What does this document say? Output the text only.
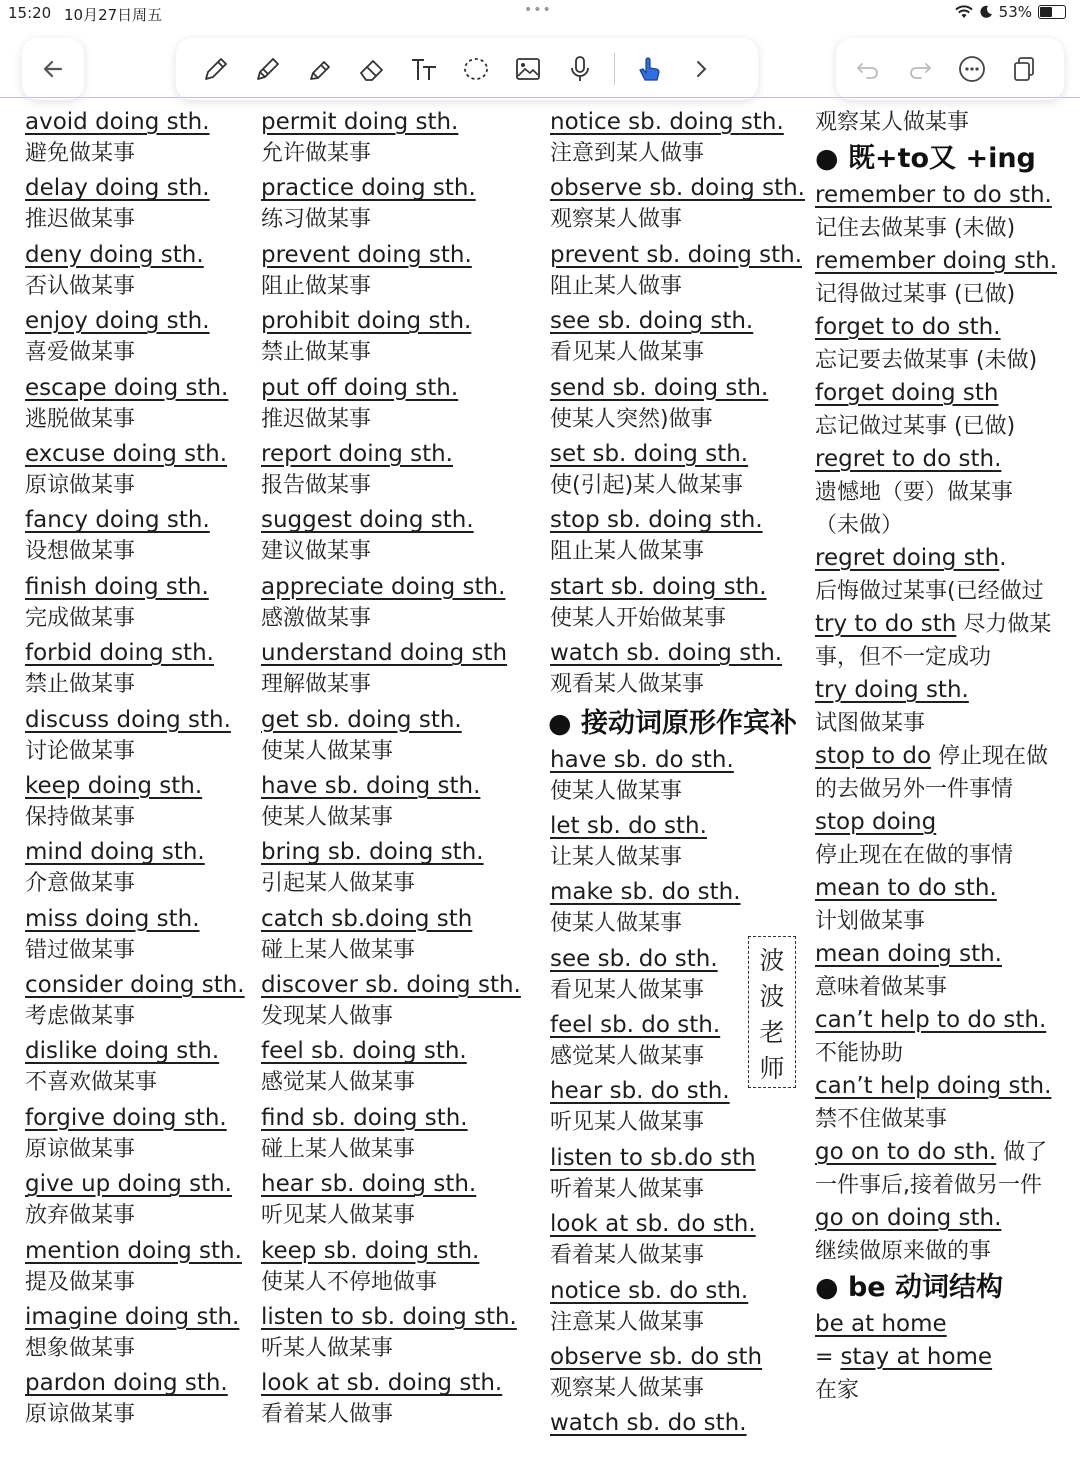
15:20 10月27日周五	•••	53%
avoid doing sth.
避免做某事
delay doing sth.
推迟做某事
deny doing sth.
否认做某事
enjoy doing sth.
喜爱做某事
escape doing sth.
逃脱做某事
excuse doing sth.
原谅做某事
fancy doing sth.
设想做某事
finish doing sth.
完成做某事
forbid doing sth.
禁止做某事
discuss doing sth.
讨论做某事
keep doing sth.
保持做某事
mind doing sth.
介意做某事
miss doing sth.
错过做某事
consider doing sth.
考虑做某事
dislike doing sth.
不喜欢做某事
forgive doing sth.
原谅做某事
give up doing sth.
放弃做某事
mention doing sth.
提及做某事
imagine doing sth.
想象做某事
pardon doing sth.
原谅做某事
permit doing sth.
允许做某事
practice doing sth.
练习做某事
prevent doing sth.
阻止做某事
prohibit doing sth.
禁止做某事
put off doing sth.
推迟做某事
report doing sth.
报告做某事
suggest doing sth.
建议做某事
appreciate doing sth.
感激做某事
understand doing sth
理解做某事
get sb. doing sth.
使某人做某事
have sb. doing sth.
使某人做某事
bring sb. doing sth.
引起某人做某事
catch sb.doing sth
碰上某人做某事
discover sb. doing sth.
发现某人做事
feel sb. doing sth.
感觉某人做某事
find sb. doing sth.
碰上某人做某事
hear sb. doing sth.
听见某人做某事
keep sb. doing sth.
使某人不停地做事
listen to sb. doing sth.
听某人做某事
look at sb. doing sth.
看着某人做事
notice sb. doing sth.
注意到某人做事
observe sb. doing sth.
观察某人做事
prevent sb. doing sth.
阻止某人做事
see sb. doing sth.
看见某人做某事
send sb. doing sth.
使某人突然)做事
set sb. doing sth.
使(引起)某人做某事
stop sb. doing sth.
阻止某人做某事
start sb. doing sth.
使某人开始做某事
watch sb. doing sth.
观看某人做某事
● 接动词原形作宾补
have sb. do sth.
使某人做某事
let sb. do sth.
让某人做某事
make sb. do sth.
使某人做某事
see sb. do sth.
看见某人做某事
feel sb. do sth.
感觉某人做某事
hear sb. do sth.
听见某人做某事
listen to sb.do sth
听着某人做某事
look at sb. do sth.
看着某人做某事
notice sb. do sth.
注意某人做某事
observe sb. do sth
观察某人做某事
watch sb. do sth.
波
波
老
师
观察某人做某事
● 既+to又 +ing
remember to do sth.
记住去做某事 (未做)
remember doing sth.
记得做过某事 (已做)
forget to do sth.
忘记要去做某事 (未做)
forget doing sth
忘记做过某事 (已做)
regret to do sth.
遗憾地（要）做某事
（未做）
regret doing sth.
后悔做过某事(已经做过
try to do sth 尽力做某
事，但不一定成功
try doing sth.
试图做某事
stop to do 停止现在做
的去做另外一件事情
stop doing
停止现在在做的事情
mean to do sth.
计划做某事
mean doing sth.
意味着做某事
can’t help to do sth.
不能协助
can’t help doing sth.
禁不住做某事
go on to do sth. 做了
一件事后,接着做另一件
go on doing sth.
继续做原来做的事
● be 动词结构
be at home
= stay at home
在家
